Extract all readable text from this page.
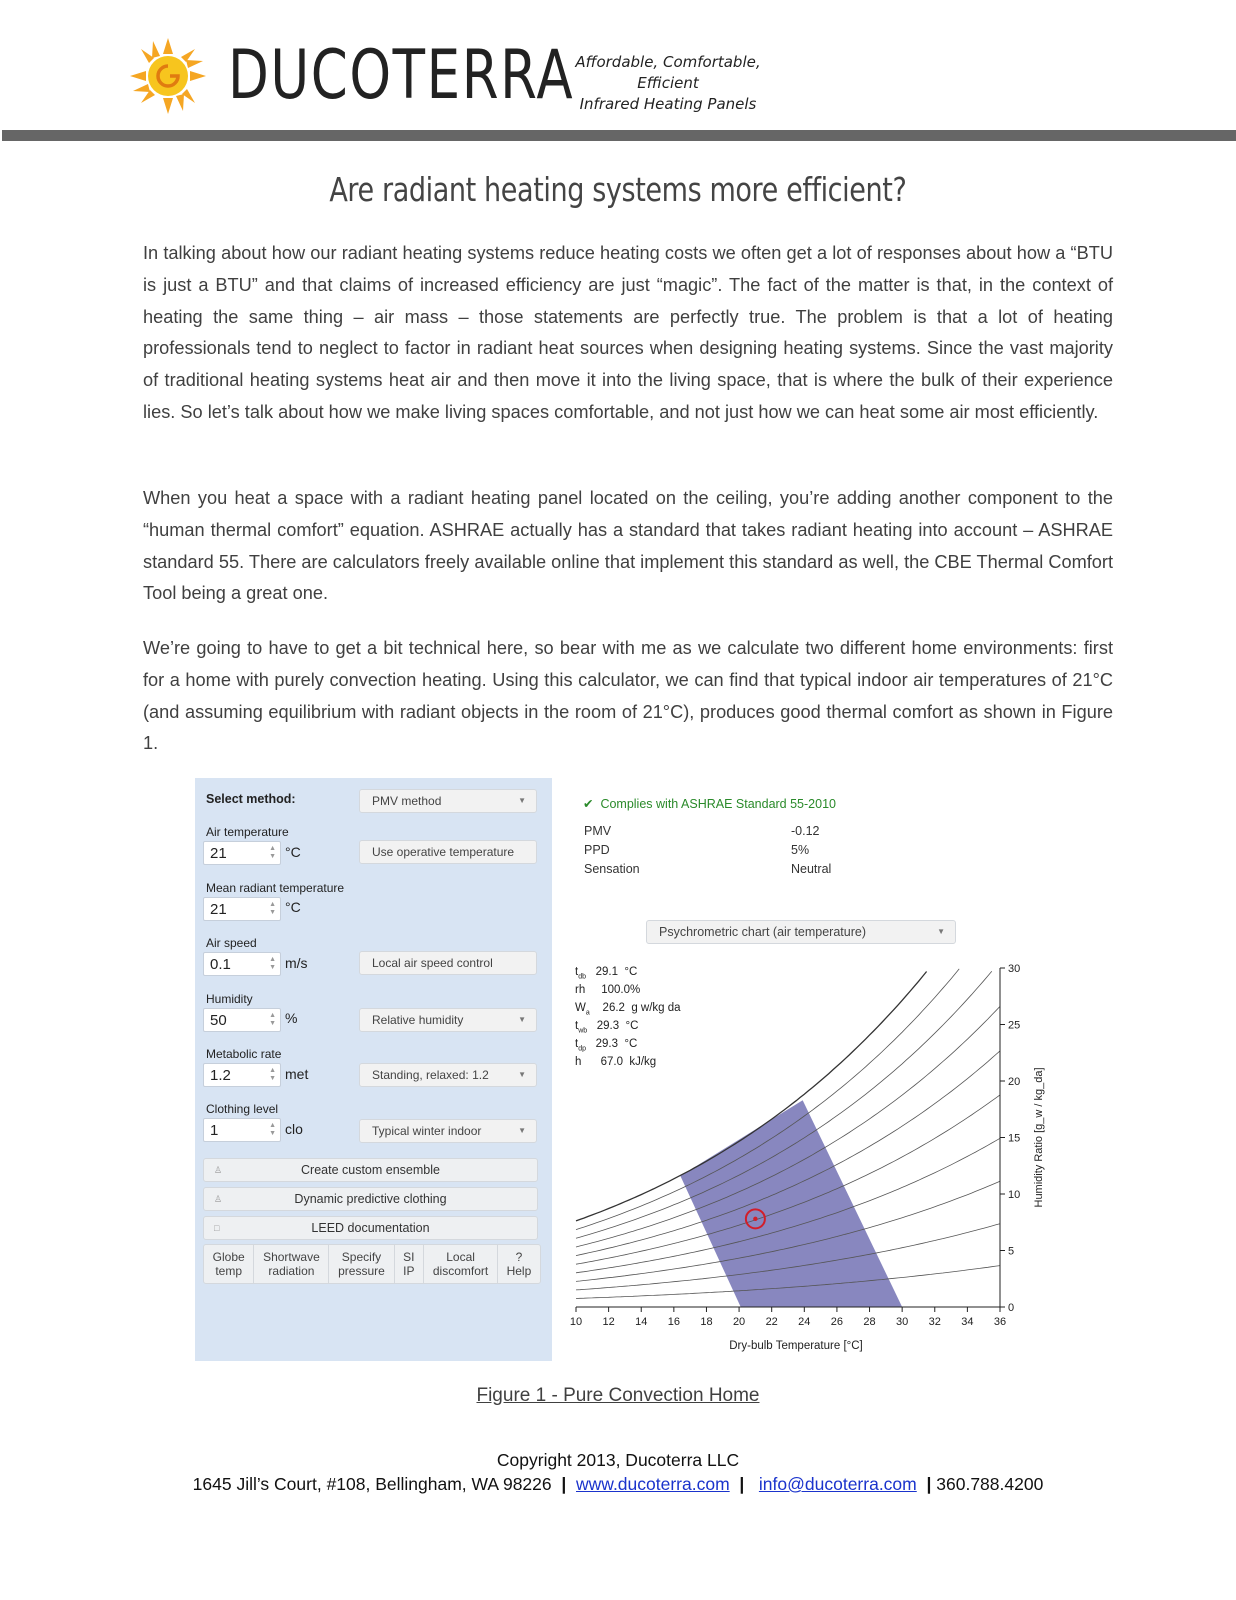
DUCOTERRA Affordable, Comfortable, Efficient
Infrared Heating Panels
Are radiant heating systems more efficient?

In talking about how our radiant heating systems reduce heating costs we often get a lot of responses about how a “BTU is just a BTU” and that claims of increased efficiency are just “magic”. The fact of the matter is that, in the context of heating the same thing – air mass – those statements are perfectly true. The problem is that a lot of heating professionals tend to neglect to factor in radiant heat sources when designing heating systems. Since the vast majority of traditional heating systems heat air and then move it into the living space, that is where the bulk of their experience lies. So let’s talk about how we make living spaces comfortable, and not just how we can heat some air most efficiently.

When you heat a space with a radiant heating panel located on the ceiling, you’re adding another component to the “human thermal comfort” equation. ASHRAE actually has a standard that takes radiant heating into account – ASHRAE standard 55. There are calculators freely available online that implement this standard as well, the CBE Thermal Comfort Tool being a great one.

We’re going to have to get a bit technical here, so bear with me as we calculate two different home environments: first for a home with purely convection heating. Using this calculator, we can find that typical indoor air temperatures of 21°C (and assuming equilibrium with radiant objects in the room of 21°C), produces good thermal comfort as shown in Figure 1.

Select method:	PMV method	▼
Air temperature
21	▲
▼ °C	Use operative temperature
Mean radiant temperature
21	▲
▼ °C
Air speed
0.1	▲
▼ m/s	Local air speed control
Humidity
50	▲
▼ %	Relative humidity	▼
Metabolic rate
1.2	▲
▼ met	Standing, relaxed: 1.2	▼
Clothing level
1	▲
▼ clo	Typical winter indoor	▼
♙	Create custom ensemble
♙	Dynamic predictive clothing
□	LEED documentation
Globe
temp
Shortwave
radiation
Specify
pressure
SI
IP
Local
discomfort
?
Help
✔ Complies with ASHRAE Standard 55-2010
PMV	-0.12
PPD	5%
Sensation	Neutral
Psychrometric chart (air temperature)	▼
$t_{db}$ 29.1 °C
rh     100.0%
$W_a$ 26.2 g w/kg da
$t_{wb}$ 29.3 °C
$t_{dp}$ 29.3 °C
h      67.0 kJ/kg
10 12 14 16 18 20 22 24 26 28 30 32 34 36
0
5
10
15
20
25
30
Dry-bulb Temperature [°C]
Humidity Ratio [g_w / kg_da]
Figure 1 - Pure Convection Home
Copyright 2013, Ducoterra LLC
1645 Jill’s Court, #108, Bellingham, WA 98226 | www.ducoterra.com | info@ducoterra.com | 360.788.4200
